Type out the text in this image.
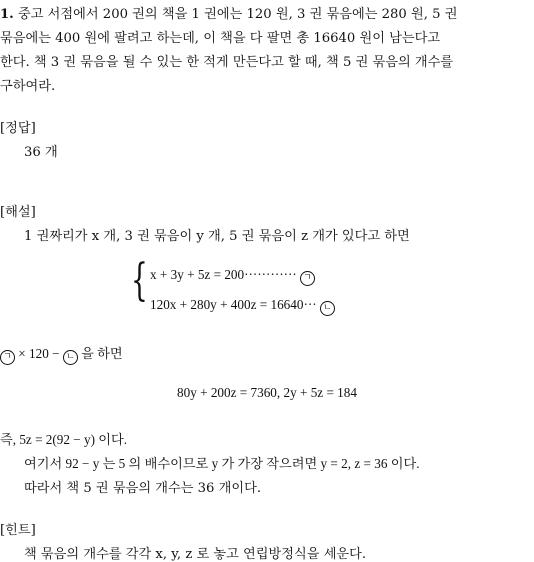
1. 중고 서점에서 200 권의 책을 1 권에는 120 원, 3 권 묶음에는 280 원, 5 권
묶음에는 400 원에 팔려고 하는데, 이 책을 다 팔면 총 16640 원이 남는다고
한다. 책 3 권 묶음을 될 수 있는 한 적게 만든다고 할 때, 책 5 권 묶음의 개수를
구하여라.
[정답]
36 개
[해설]
1 권짜리가 x 개, 3 권 묶음이 y 개, 5 권 묶음이 z 개가 있다고 하면
{ x + 3y + 5z = 200············ ㄱ
120x + 280y + 400z = 16640··· ㄴ
ㄱ × 120 − ㄴ 을 하면
80y + 200z = 7360, 2y + 5z = 184
즉, 5z = 2(92 − y) 이다.
여기서 92 − y 는 5 의 배수이므로 y 가 가장 작으려면 y = 2, z = 36 이다.
따라서 책 5 권 묶음의 개수는 36 개이다.
[힌트]
책 묶음의 개수를 각각 x, y, z 로 놓고 연립방정식을 세운다.
